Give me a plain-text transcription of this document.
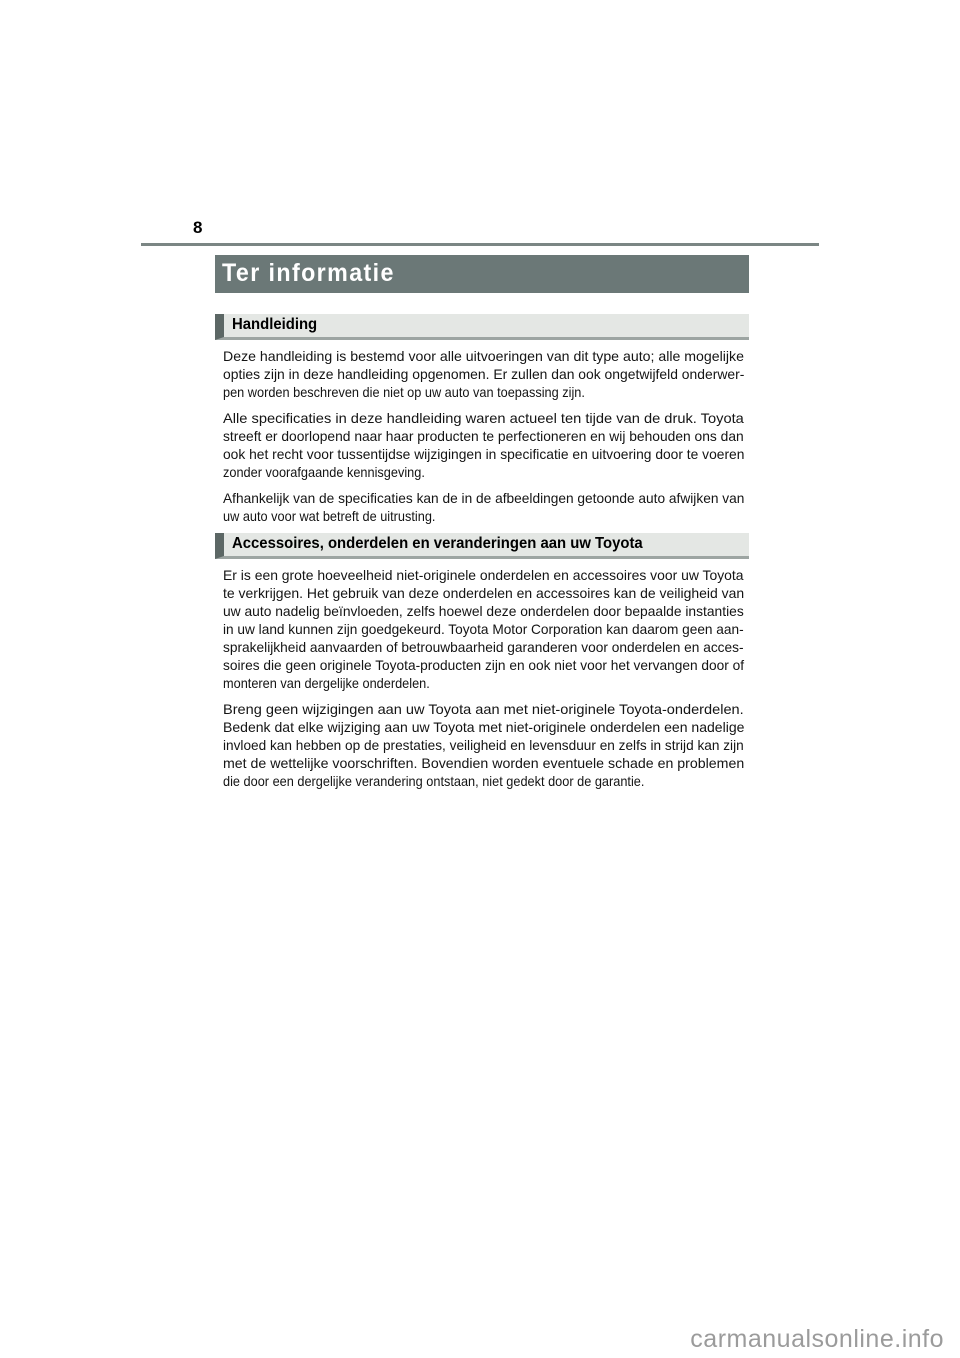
8
Ter informatie
Handleiding
Deze handleiding is bestemd voor alle uitvoeringen van dit type auto; alle mogelijke
opties zijn in deze handleiding opgenomen. Er zullen dan ook ongetwijfeld onderwer-
pen worden beschreven die niet op uw auto van toepassing zijn.
Alle specificaties in deze handleiding waren actueel ten tijde van de druk. Toyota
streeft er doorlopend naar haar producten te perfectioneren en wij behouden ons dan
ook het recht voor tussentijdse wijzigingen in specificatie en uitvoering door te voeren
zonder voorafgaande kennisgeving.
Afhankelijk van de specificaties kan de in de afbeeldingen getoonde auto afwijken van
uw auto voor wat betreft de uitrusting.
Accessoires, onderdelen en veranderingen aan uw Toyota
Er is een grote hoeveelheid niet-originele onderdelen en accessoires voor uw Toyota
te verkrijgen. Het gebruik van deze onderdelen en accessoires kan de veiligheid van
uw auto nadelig beïnvloeden, zelfs hoewel deze onderdelen door bepaalde instanties
in uw land kunnen zijn goedgekeurd. Toyota Motor Corporation kan daarom geen aan-
sprakelijkheid aanvaarden of betrouwbaarheid garanderen voor onderdelen en acces-
soires die geen originele Toyota-producten zijn en ook niet voor het vervangen door of
monteren van dergelijke onderdelen.
Breng geen wijzigingen aan uw Toyota aan met niet-originele Toyota-onderdelen.
Bedenk dat elke wijziging aan uw Toyota met niet-originele onderdelen een nadelige
invloed kan hebben op de prestaties, veiligheid en levensduur en zelfs in strijd kan zijn
met de wettelijke voorschriften. Bovendien worden eventuele schade en problemen
die door een dergelijke verandering ontstaan, niet gedekt door de garantie.
carmanualsonline.info
